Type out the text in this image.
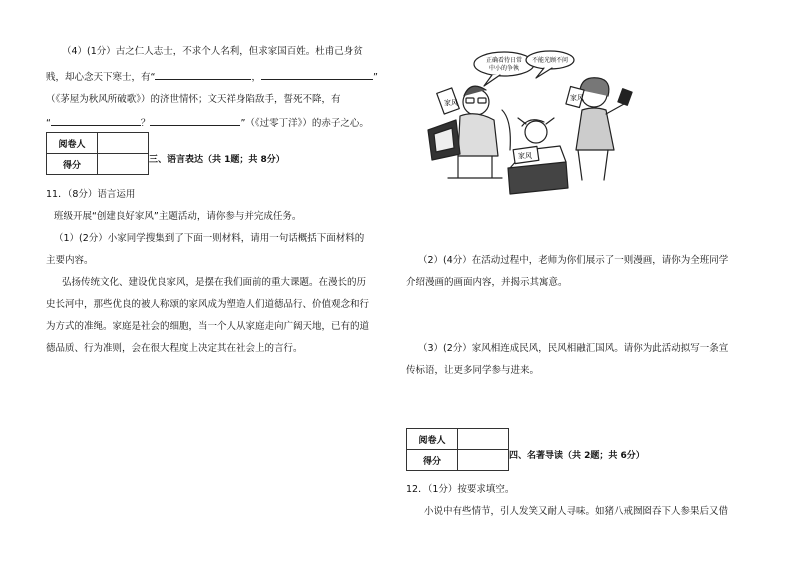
（4）(1分）古之仁人志士，不求个人名利，但求家国百姓。杜甫己身贫
贱，却心念天下寒士，有“	，	”
（《茅屋为秋风所破歌》）的济世情怀；文天祥身陷敌手，誓死不降，有
“	？	”（《过零丁洋》）的赤子之心。
阅卷人	
得分	
三、语言表达（共 1题；共 8分）
11．（8分）语言运用
班级开展“创建良好家风”主题活动，请你参与并完成任务。
（1）(2分）小家同学搜集到了下面一则材料，请用一句话概括下面材料的
主要内容。
弘扬传统文化、建设优良家风，是摆在我们面前的重大课题。在漫长的历
史长河中，那些优良的被人称颂的家风成为塑造人们道德品行、价值观念和行
为方式的准绳。家庭是社会的细胞，当一个人从家庭走向广阔天地，已有的道
德品质、行为准则，会在很大程度上决定其在社会上的言行。
正确看待日常
中小的争執
不能光顾不问
家风
家风
家风
（2）(4分）在活动过程中，老师为你们展示了一则漫画，请你为全班同学
介绍漫画的画面内容，并揭示其寓意。
（3）(2分）家风相连成民风，民风相融汇国风。请你为此活动拟写一条宣
传标语，让更多同学参与进来。
阅卷人	
得分	
四、名著导读（共 2题；共 6分）
12．（1分）按要求填空。
小说中有些情节，引人发笑又耐人寻味。如猪八戒囫囵吞下人参果后又借
